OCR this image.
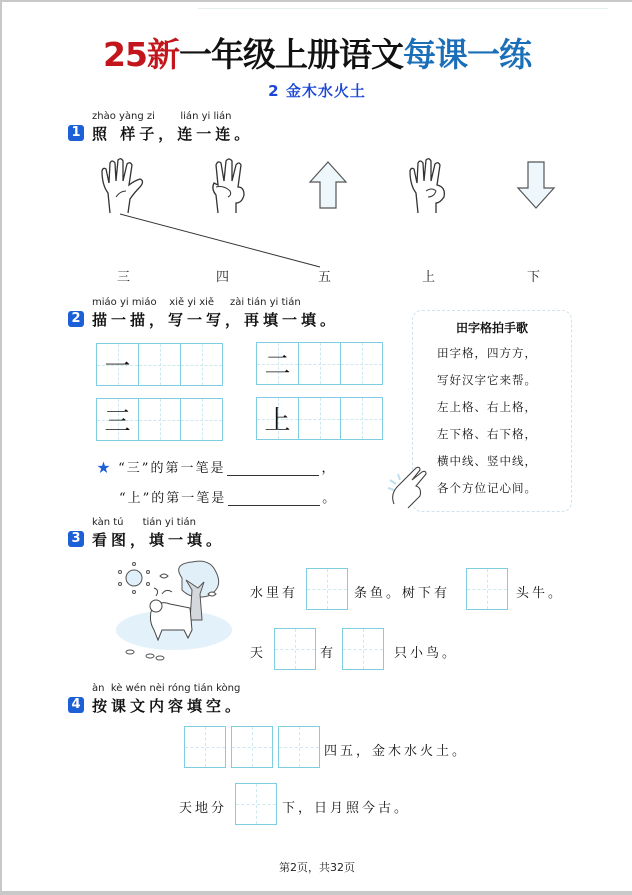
25新一年级上册语文每课一练
2 金木水火土
zhào yàng zi        lián yi lián
1 照 样子，连一连。
三	四	五	上	下
miáo yi miáo    xiě yi xiě     zài tián yi tián
2 描一描，写一写，再填一填。
一	二
三	上
★ “三”的第一笔是	，
“上”的第一笔是	。
田字格拍手歌
田字格，四方方，
写好汉字它来帮。
左上格、右上格，
左下格、右下格，
横中线、竖中线，
各个方位记心间。
kàn tú      tián yi tián
3 看图，填一填。
水里有	条鱼。树下有	头牛。
天	有	只小鸟。
àn  kè wén nèi róng tián kòng
4 按课文内容填空。
四五，金木水火土。
天地分	下，日月照今古。
第2页，共32页
